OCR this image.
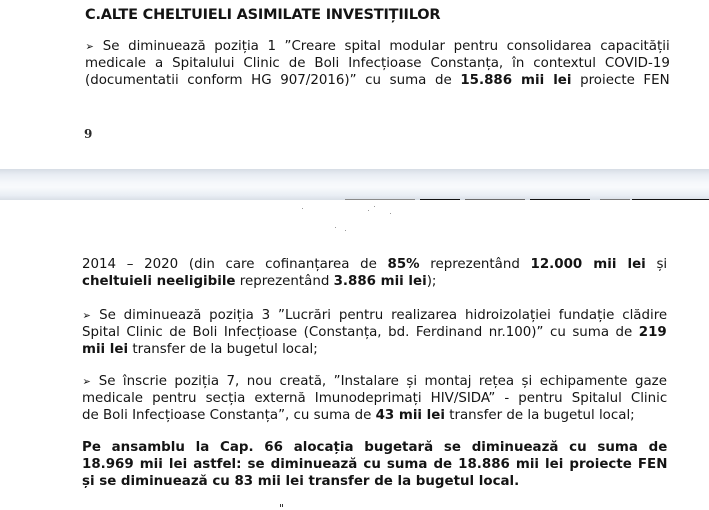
C.ALTE CHELTUIELI ASIMILATE INVESTIȚIILOR
➢ Se diminuează poziția 1 ”Creare spital modular pentru consolidarea capacității
medicale a Spitalului Clinic de Boli Infecțioase Constanța, în contextul COVID-19
(documentatii conform HG 907/2016)” cu suma de 15.886 mii lei proiecte FEN
9
2014 – 2020 (din care cofinanțarea de 85% reprezentând 12.000 mii lei și
cheltuieli neeligibile reprezentând 3.886 mii lei);
➢ Se diminuează poziția 3 ”Lucrări pentru realizarea hidroizolației fundație clădire
Spital Clinic de Boli Infecțioase (Constanța, bd. Ferdinand nr.100)” cu suma de 219
mii lei transfer de la bugetul local;
➢ Se înscrie poziția 7, nou creată, ”Instalare și montaj rețea și echipamente gaze
medicale pentru secția externă Imunodeprimați HIV/SIDA” - pentru Spitalul Clinic
de Boli Infecțioase Constanța”, cu suma de 43 mii lei transfer de la bugetul local;
Pe ansamblu la Cap. 66 alocația bugetară se diminuează cu suma de
18.969 mii lei astfel: se diminuează cu suma de 18.886 mii lei proiecte FEN
și se diminuează cu 83 mii lei transfer de la bugetul local.
